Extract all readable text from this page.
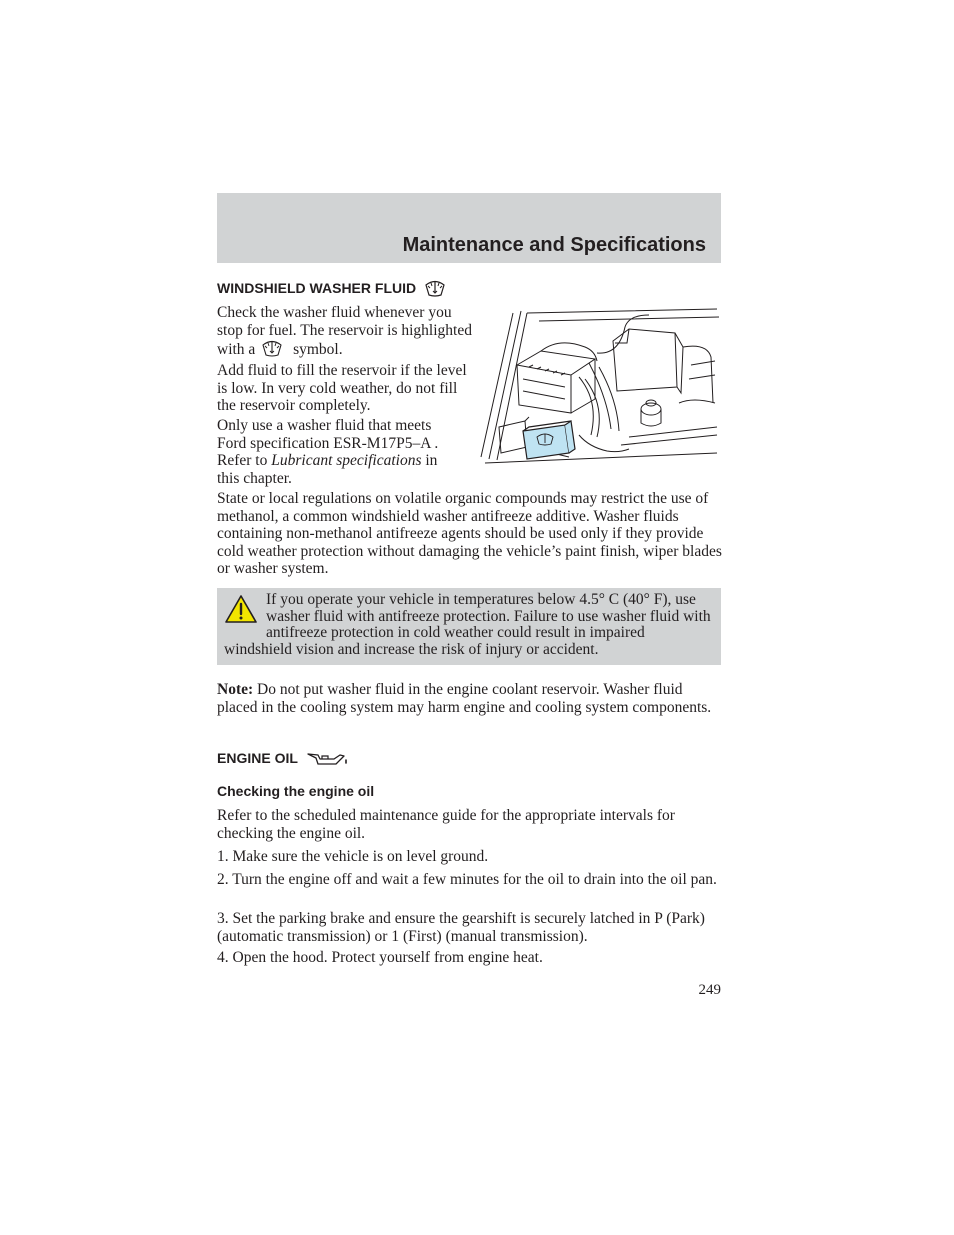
Maintenance and Specifications
WINDSHIELD WASHER FLUID
Check the washer fluid whenever you stop for fuel. The reservoir is highlighted with a symbol.
Add fluid to fill the reservoir if the level is low. In very cold weather, do not fill the reservoir completely.
Only use a washer fluid that meets Ford specification ESR-M17P5–A . Refer to Lubricant specifications in this chapter.
State or local regulations on volatile organic compounds may restrict the use of methanol, a common windshield washer antifreeze additive. Washer fluids containing non-methanol antifreeze agents should be used only if they provide cold weather protection without damaging the vehicle’s paint finish, wiper blades or washer system.
If you operate your vehicle in temperatures below 4.5° C (40° F), use washer fluid with antifreeze protection. Failure to use washer fluid with antifreeze protection in cold weather could result in impaired windshield vision and increase the risk of injury or accident.
Note: Do not put washer fluid in the engine coolant reservoir. Washer fluid placed in the cooling system may harm engine and cooling system components.
ENGINE OIL
Checking the engine oil
Refer to the scheduled maintenance guide for the appropriate intervals for checking the engine oil.
1. Make sure the vehicle is on level ground.
2. Turn the engine off and wait a few minutes for the oil to drain into the oil pan.
3. Set the parking brake and ensure the gearshift is securely latched in P (Park) (automatic transmission) or 1 (First) (manual transmission).
4. Open the hood. Protect yourself from engine heat.
249
